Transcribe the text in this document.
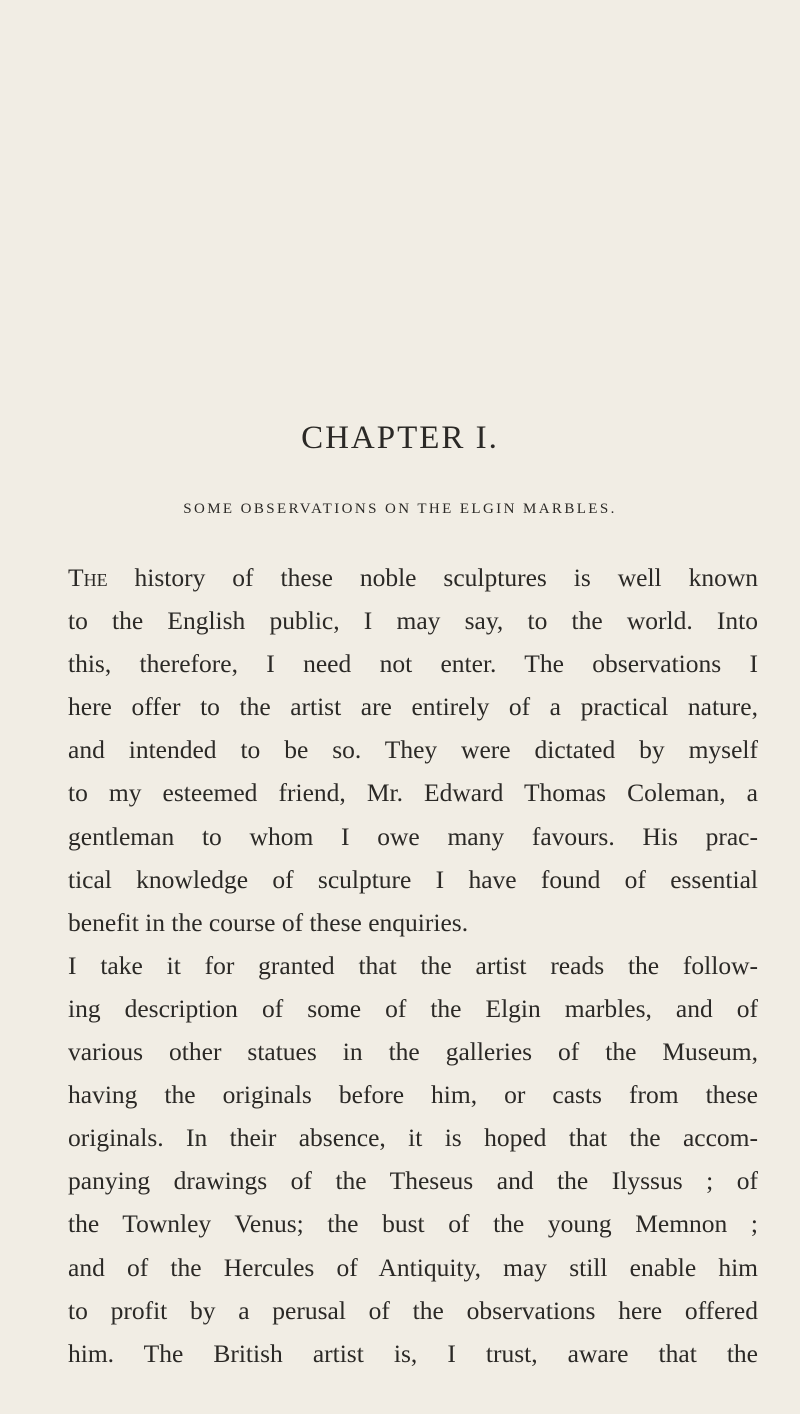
CHAPTER I.
SOME OBSERVATIONS ON THE ELGIN MARBLES.
The history of these noble sculptures is well known
to the English public, I may say, to the world. Into
this, therefore, I need not enter. The observations I
here offer to the artist are entirely of a practical nature,
and intended to be so. They were dictated by myself
to my esteemed friend, Mr. Edward Thomas Coleman, a
gentleman to whom I owe many favours. His prac-
tical knowledge of sculpture I have found of essential
benefit in the course of these enquiries.
I take it for granted that the artist reads the follow-
ing description of some of the Elgin marbles, and of
various other statues in the galleries of the Museum,
having the originals before him, or casts from these
originals. In their absence, it is hoped that the accom-
panying drawings of the Theseus and the Ilyssus ; of
the Townley Venus; the bust of the young Memnon ;
and of the Hercules of Antiquity, may still enable him
to profit by a perusal of the observations here offered
him. The British artist is, I trust, aware that the
